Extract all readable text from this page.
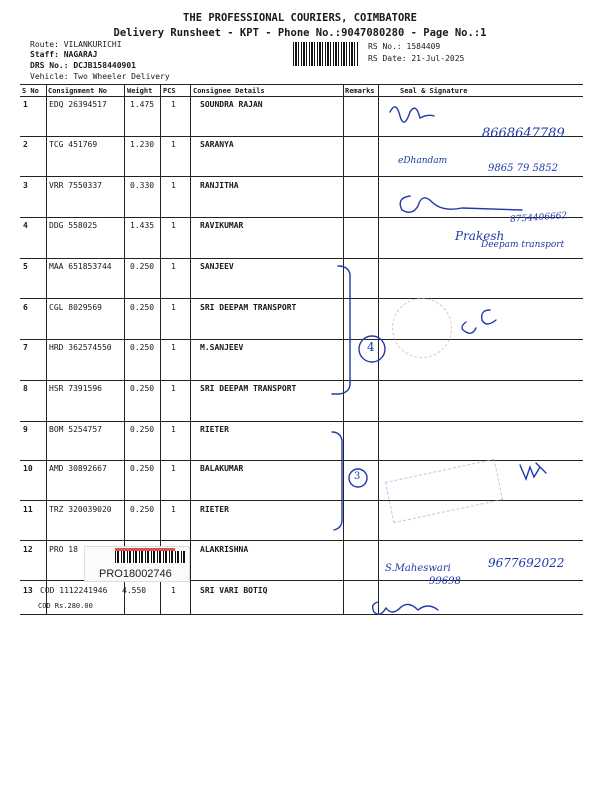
THE PROFESSIONAL COURIERS, COIMBATORE
Delivery Runsheet - KPT - Phone No.:9047080280 - Page No.:1
Route: VILANKURICHI
Staff: NAGARAJ
DRS No.: DCJB158440901
Vehicle: Two Wheeler Delivery
RS No.: 1584409
RS Date: 21-Jul-2025
S No Consignment No	Weight PCS Consignee Details	Remarks	Seal & Signature
1	EDQ 26394517	1.475 1	SOUNDRA RAJAN
2	TCG 451769	1.230 1	SARANYA
3	VRR 7550337	0.330 1	RANJITHA
4	DDG 558025	1.435 1	RAVIKUMAR
5	MAA 651853744 0.250 1	SANJEEV
6	CGL 8029569	0.250 1	SRI DEEPAM TRANSPORT
7	HRD 362574550 0.250 1	M.SANJEEV
8	HSR 7391596	0.250 1	SRI DEEPAM TRANSPORT
9	BOM 5254757	0.250 1	RIETER
10 AMD 30892667	0.250 1	BALAKUMAR
11 TRZ 320039020 0.250 1	RIETER
12 PRO 18	ALAKRISHNA
13 COD 1112241946 4.550	1	SRI VARI BOTIQ
COD Rs.280.00
PRO18002746
8668647789
eDhandam
9865 79 5852
8754406662
Prakesh
Deepam transport
4
3
S.Maheswari	9677692022
99698
